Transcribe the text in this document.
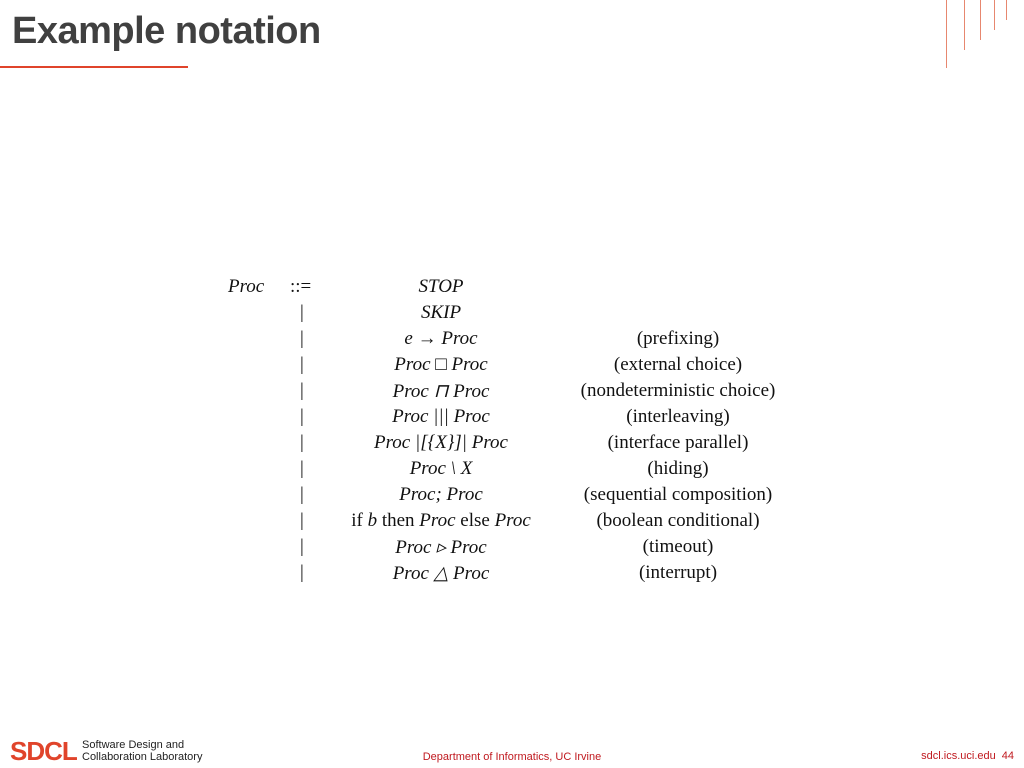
Example notation
Proc ::=	STOP
|	SKIP
|	e → Proc	(prefixing)
|	Proc □ Proc	(external choice)
|	Proc ⊓ Proc	(nondeterministic choice)
|	Proc ||| Proc	(interleaving)
|	Proc |[{X}]| Proc	(interface parallel)
|	Proc \ X	(hiding)
|	Proc; Proc	(sequential composition)
|	if b then Proc else Proc	(boolean conditional)
|	Proc ▹ Proc	(timeout)
|	Proc △ Proc	(interrupt)
SDCL Software Design and
Collaboration Laboratory	Department of Informatics, UC Irvine	sdcl.ics.uci.edu 44
